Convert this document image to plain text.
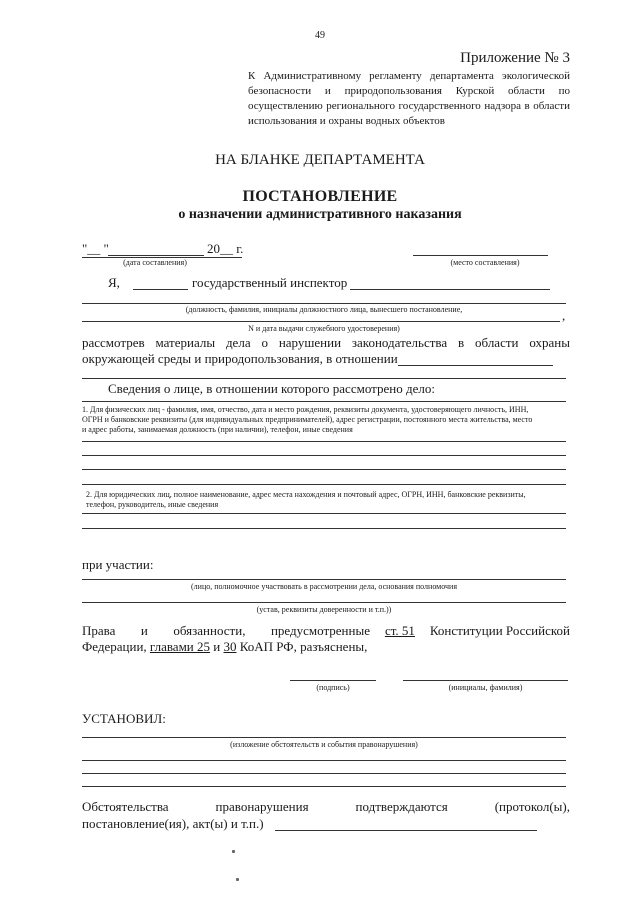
49
Приложение № 3
К Административному регламенту департамента экологической безопасности и природопользования Курской области по осуществлению регионального государственного надзора в области использования и охраны водных объектов
НА БЛАНКЕ ДЕПАРТАМЕНТА
ПОСТАНОВЛЕНИЕ
о назначении административного наказания
"__ "	20__ г.
(дата составления)	(место составления)
Я,	государственный инспектор
(должность, фамилия, инициалы должностного лица, вынесшего постановление,	,
N и дата выдачи служебного удостоверения)
рассмотрев материалы дела о нарушении законодательства в области охраны
окружающей среды и природопользования, в отношении
Сведения о лице, в отношении которого рассмотрено дело:
1. Для физических лиц - фамилия, имя, отчество, дата и место рождения, реквизиты документа, удостоверяющего личность, ИНН,
ОГРН и банковские реквизиты (для индивидуальных предпринимателей), адрес регистрации, постоянного места жительства, место
и адрес работы, занимаемая должность (при наличии), телефон, иные сведения
2. Для юридических лиц, полное наименование, адрес места нахождения и почтовый адрес, ОГРН, ИНН, банковские реквизиты,
телефон, руководитель, иные сведения
при участии:
(лицо, полномочное участвовать в рассмотрении дела, основания полномочия
(устав, реквизиты доверенности и т.п.))
Права и обязанности, предусмотренные ст. 51 Конституции Российской
Федерации, главами 25 и 30 КоАП РФ, разъяснены,
(подпись)	(инициалы, фамилия)
УСТАНОВИЛ:
(изложение обстоятельств и события правонарушения)
Обстоятельства	правонарушения	подтверждаются	(протокол(ы),
постановление(ия), акт(ы) и т.п.)
